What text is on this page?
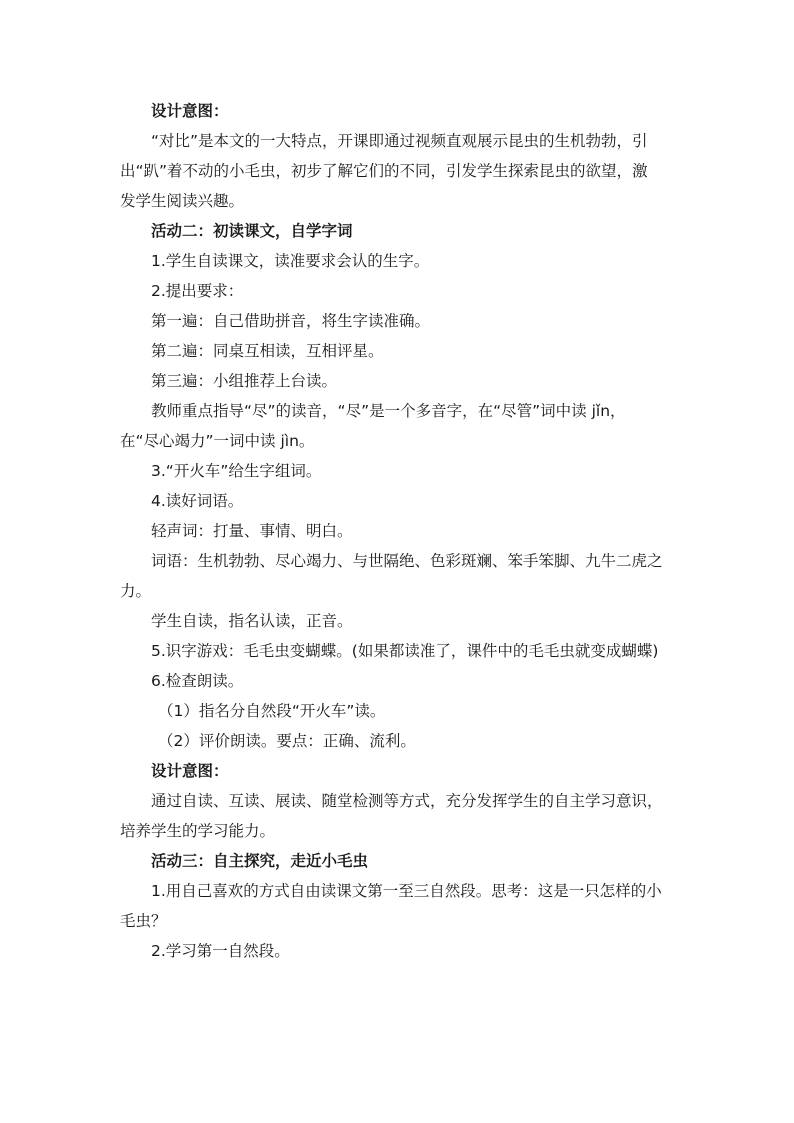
设计意图：
“对比”是本文的一大特点，开课即通过视频直观展示昆虫的生机勃勃，引
出“趴”着不动的小毛虫，初步了解它们的不同，引发学生探索昆虫的欲望，激
发学生阅读兴趣。
活动二：初读课文，自学字词
1.学生自读课文，读准要求会认的生字。
2.提出要求：
第一遍：自己借助拼音，将生字读准确。
第二遍：同桌互相读，互相评星。
第三遍：小组推荐上台读。
教师重点指导“尽”的读音，“尽”是一个多音字，在“尽管”词中读 jǐn，
在“尽心竭力”一词中读 jìn。
3.“开火车”给生字组词。
4.读好词语。
轻声词：打量、事情、明白。
词语：生机勃勃、尽心竭力、与世隔绝、色彩斑斓、笨手笨脚、九牛二虎之
力。
学生自读，指名认读，正音。
5.识字游戏：毛毛虫变蝴蝶。(如果都读准了，课件中的毛毛虫就变成蝴蝶)
6.检查朗读。
（1）指名分自然段“开火车”读。
（2）评价朗读。要点：正确、流利。
设计意图：
通过自读、互读、展读、随堂检测等方式，充分发挥学生的自主学习意识，
培养学生的学习能力。
活动三：自主探究，走近小毛虫
1.用自己喜欢的方式自由读课文第一至三自然段。思考：这是一只怎样的小
毛虫？
2.学习第一自然段。
